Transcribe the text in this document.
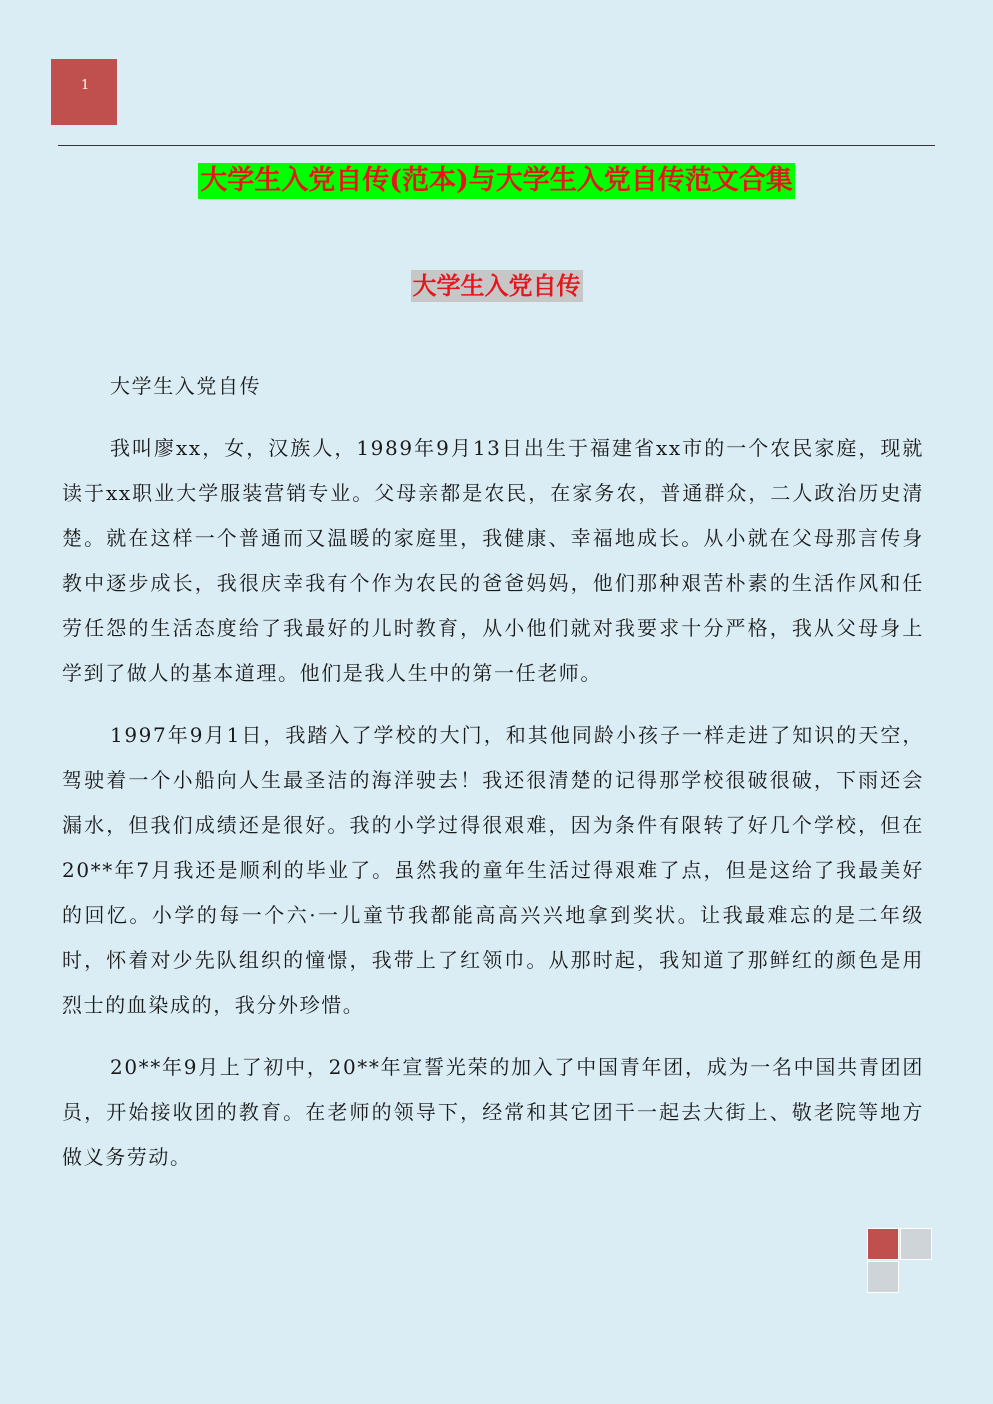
1
大学生入党自传(范本)与大学生入党自传范文合集
大学生入党自传

大学生入党自传

我叫廖xx，女，汉族人，1989年9月13日出生于福建省xx市的一个农民家庭，现就读于xx职业大学服装营销专业。父母亲都是农民，在家务农，普通群众，二人政治历史清楚。就在这样一个普通而又温暖的家庭里，我健康、幸福地成长。从小就在父母那言传身教中逐步成长，我很庆幸我有个作为农民的爸爸妈妈，他们那种艰苦朴素的生活作风和任劳任怨的生活态度给了我最好的儿时教育，从小他们就对我要求十分严格，我从父母身上学到了做人的基本道理。他们是我人生中的第一任老师。

1997年9月1日，我踏入了学校的大门，和其他同龄小孩子一样走进了知识的天空，驾驶着一个小船向人生最圣洁的海洋驶去！我还很清楚的记得那学校很破很破，下雨还会漏水，但我们成绩还是很好。我的小学过得很艰难，因为条件有限转了好几个学校，但在20**年7月我还是顺利的毕业了。虽然我的童年生活过得艰难了点，但是这给了我最美好的回忆。小学的每一个六·一儿童节我都能高高兴兴地拿到奖状。让我最难忘的是二年级时，怀着对少先队组织的憧憬，我带上了红领巾。从那时起，我知道了那鲜红的颜色是用烈士的血染成的，我分外珍惜。

20**年9月上了初中，20**年宣誓光荣的加入了中国青年团，成为一名中国共青团团员，开始接收团的教育。在老师的领导下，经常和其它团干一起去大街上、敬老院等地方做义务劳动。
